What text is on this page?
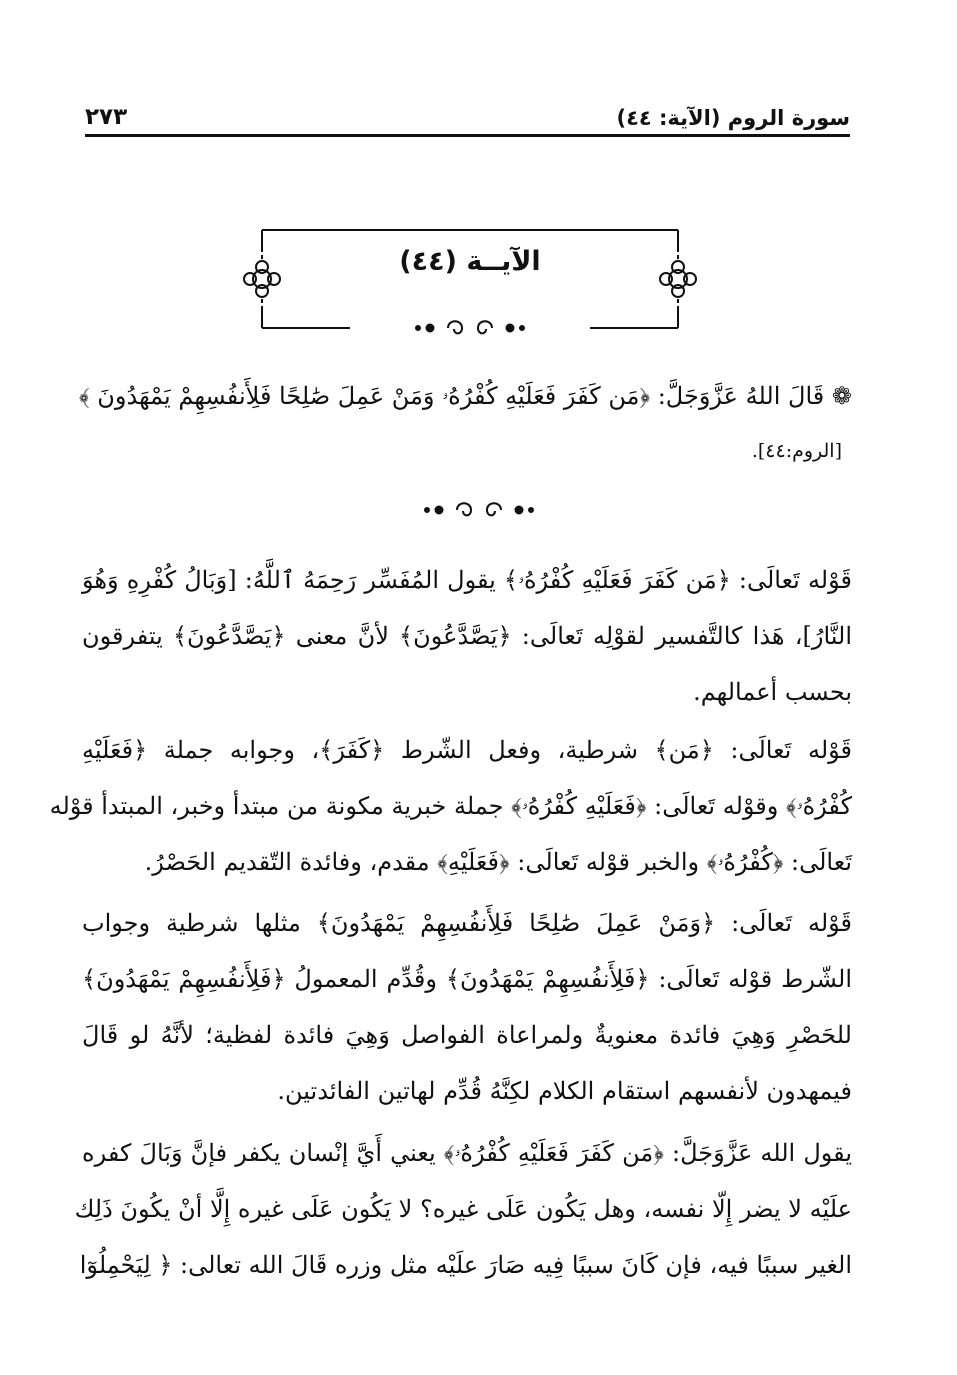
سورة الروم (الآية: ٤٤)
٢٧٣
الآيــة (٤٤)
❁ قَالَ اللهُ عَزَّوَجَلَّ: ﴿مَن كَفَرَ فَعَلَيْهِ كُفْرُهُۥ وَمَنْ عَمِلَ صَٰلِحًا فَلِأَنفُسِهِمْ يَمْهَدُونَ ﴾
[الروم:٤٤].
قَوْله تَعالَى: ﴿مَن كَفَرَ فَعَلَيْهِ كُفْرُهُۥ﴾ يقول المُفَسِّر رَحِمَهُ ٱللَّهُ: [وَبَالُ كُفْرِهِ وَهُوَ
النَّارُ]، هَذا كالتَّفسير لقوْلِه تَعالَى: ﴿يَصَّدَّعُونَ﴾ لأنَّ معنى ﴿يَصَّدَّعُونَ﴾ يتفرقون
بحسب أعمالهم.
قَوْله تَعالَى: ﴿مَن﴾ شرطية، وفعل الشّرط ﴿كَفَرَ﴾، وجوابه جملة ﴿فَعَلَيْهِ
كُفْرُهُۥ﴾ وقوْله تَعالَى: ﴿فَعَلَيْهِ كُفْرُهُۥ﴾ جملة خبرية مكونة من مبتدأ وخبر، المبتدأ قوْله
تَعالَى: ﴿كُفْرُهُۥ﴾ والخبر قوْله تَعالَى: ﴿فَعَلَيْهِ﴾ مقدم، وفائدة التّقديم الحَصْرُ.
قَوْله تَعالَى: ﴿وَمَنْ عَمِلَ صَٰلِحًا فَلِأَنفُسِهِمْ يَمْهَدُونَ﴾ مثلها شرطية وجواب
الشّرط قوْله تَعالَى: ﴿فَلِأَنفُسِهِمْ يَمْهَدُونَ﴾ وقُدِّم المعمولُ ﴿فَلِأَنفُسِهِمْ يَمْهَدُونَ﴾
للحَصْرِ وَهِيَ فائدة معنويةٌ ولمراعاة الفواصل وَهِيَ فائدة لفظية؛ لأنَّهُ لو قَالَ
فيمهدون لأنفسهم استقام الكلام لكِنَّهُ قُدِّم لهاتين الفائدتين.
يقول الله عَزَّوَجَلَّ: ﴿مَن كَفَرَ فَعَلَيْهِ كُفْرُهُۥ﴾ يعني أَيَّ إنْسان يكفر فإنَّ وَبَالَ كفره
علَيْه لا يضر إِلّا نفسه، وهل يَكُون عَلَى غيره؟ لا يَكُون عَلَى غيره إِلَّا أنْ يكُونَ ذَلِك
الغير سببًا فيه، فإن كَانَ سببًا فِيه صَارَ علَيْه مثل وزره قَالَ الله تعالى: ﴿ لِيَحْمِلُوٓا
